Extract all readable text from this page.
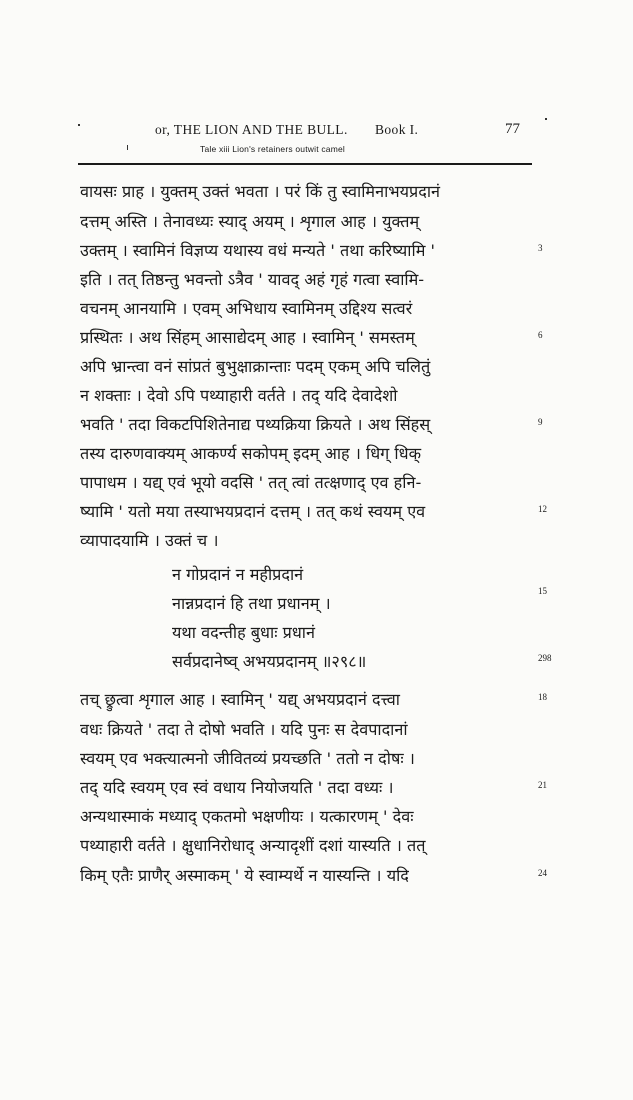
or, THE LION AND THE BULL. Book I.	77
Tale xiii Lion's retainers outwit camel
वायसः प्राह । युक्तम् उक्तं भवता । परं किं तु स्वामिनाभयप्रदानं
दत्तम् अस्ति । तेनावध्यः स्याद् अयम् । शृगाल आह । युक्तम्
उक्तम् । स्वामिनं विज्ञप्य यथास्य वधं मन्यते ' तथा करिष्यामि '
इति । तत् तिष्ठन्तु भवन्तो ऽत्रैव ' यावद् अहं गृहं गत्वा स्वामि-
वचनम् आनयामि । एवम् अभिधाय स्वामिनम् उद्दिश्य सत्वरं
प्रस्थितः । अथ सिंहम् आसाद्येदम् आह । स्वामिन् ' समस्तम्
अपि भ्रान्त्वा वनं सांप्रतं बुभुक्षाक्रान्ताः पदम् एकम् अपि चलितुं
न शक्ताः । देवो ऽपि पथ्याहारी वर्तते । तद् यदि देवादेशो
भवति ' तदा विकटपिशितेनाद्य पथ्यक्रिया क्रियते । अथ सिंहस्
तस्य दारुणवाक्यम् आकर्ण्य सकोपम् इदम् आह । धिग् धिक्
पापाधम । यद्य् एवं भूयो वदसि ' तत् त्वां तत्क्षणाद् एव हनि-
ष्यामि ' यतो मया तस्याभयप्रदानं दत्तम् । तत् कथं स्वयम् एव
व्यापादयामि । उक्तं च ।
न गोप्रदानं न महीप्रदानं
नान्नप्रदानं हि तथा प्रधानम् ।
यथा वदन्तीह बुधाः प्रधानं
सर्वप्रदानेष्व् अभयप्रदानम् ॥२९८॥
तच् छ्रुत्वा शृगाल आह । स्वामिन् ' यद्य् अभयप्रदानं दत्त्वा
वधः क्रियते ' तदा ते दोषो भवति । यदि पुनः स देवपादानां
स्वयम् एव भक्त्यात्मनो जीवितव्यं प्रयच्छति ' ततो न दोषः ।
तद् यदि स्वयम् एव स्वं वधाय नियोजयति ' तदा वध्यः ।
अन्यथास्माकं मध्याद् एकतमो भक्षणीयः । यत्कारणम् ' देवः
पथ्याहारी वर्तते । क्षुधानिरोधाद् अन्यादृशीं दशां यास्यति । तत्
किम् एतैः प्राणैर् अस्माकम् ' ये स्वाम्यर्थे न यास्यन्ति । यदि
3
6
9
12
15
298
18
21
24
